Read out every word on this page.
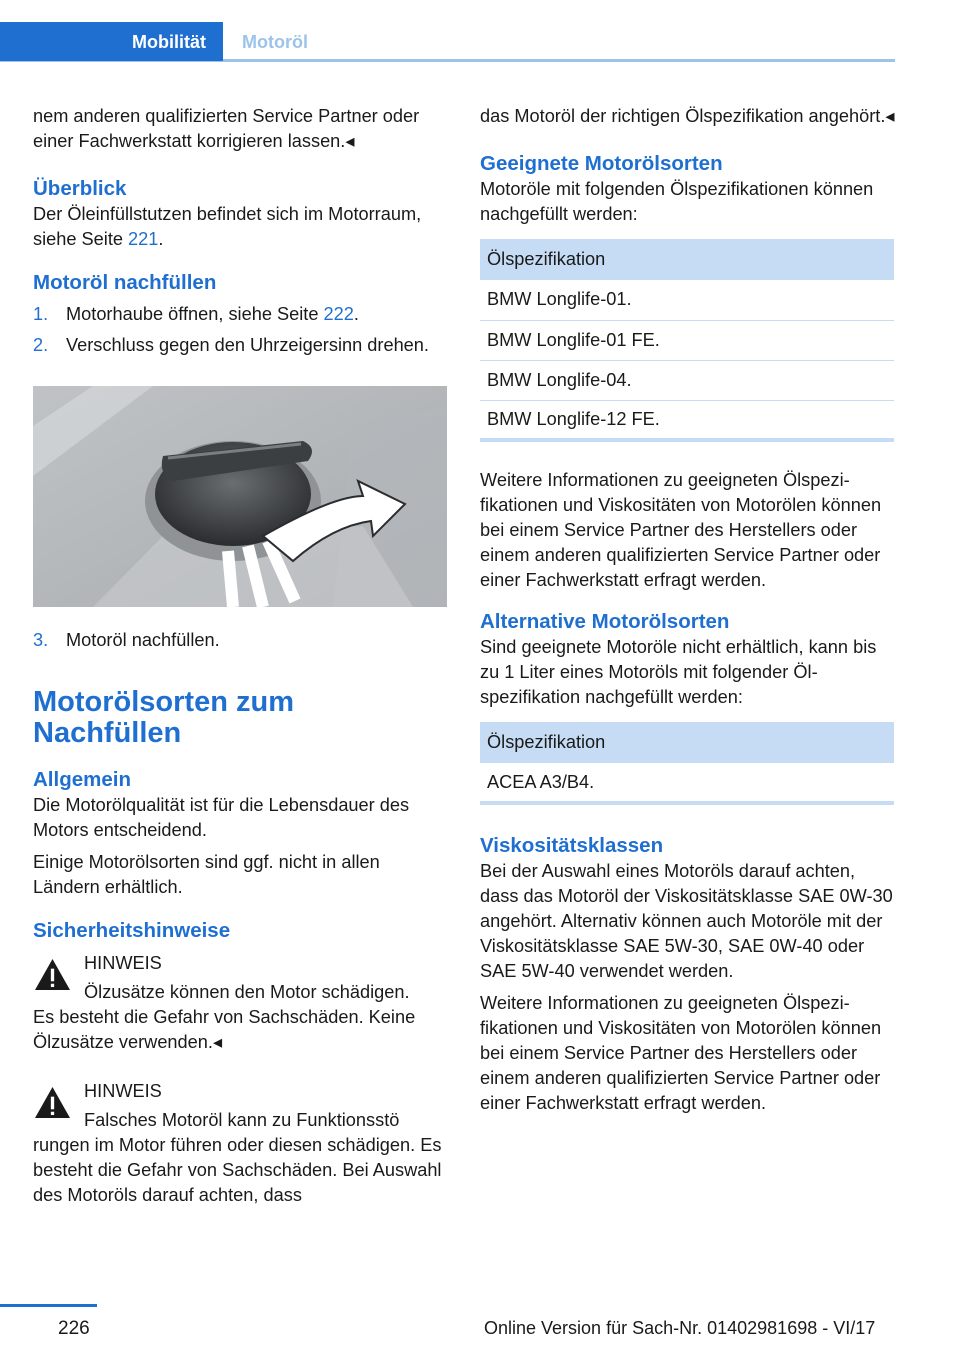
Mobilität	Motoröl

nem anderen qualifizierten Service Partner oder einer Fachwerkstatt korrigieren lassen.◂

Überblick

Der Öleinfüllstutzen befindet sich im Motorraum, siehe Seite 221.

Motoröl nachfüllen
1. Motorhaube öffnen, siehe Seite 222.
2. Verschluss gegen den Uhrzeigersinn drehen.
3. Motoröl nachfüllen.
Motorölsorten zum Nachfüllen
Allgemein

Die Motorölqualität ist für die Lebensdauer des Motors entscheidend.

Einige Motorölsorten sind ggf. nicht in allen Ländern erhältlich.

Sicherheitshinweise
HINWEIS
Ölzusätze können den Motor schädigen.
Es besteht die Gefahr von Sachschäden. Keine Ölzusätze verwenden.◂
HINWEIS
Falsches Motoröl kann zu Funktionsstö
rungen im Motor führen oder diesen schädigen. Es besteht die Gefahr von Sachschäden. Bei Auswahl des Motoröls darauf achten, dass

das Motoröl der richtigen Ölspezifikation angehört.◂

Geeignete Motorölsorten

Motoröle mit folgenden Ölspezifikationen können nachgefüllt werden:

Ölspezifikation
BMW Longlife-01.
BMW Longlife-01 FE.
BMW Longlife-04.
BMW Longlife-12 FE.

Weitere Informationen zu geeigneten Ölspezifikationen und Viskositäten von Motorölen können bei einem Service Partner des Herstellers oder einem anderen qualifizierten Service Partner oder einer Fachwerkstatt erfragt werden.

Alternative Motorölsorten

Sind geeignete Motoröle nicht erhältlich, kann bis zu 1 Liter eines Motoröls mit folgender Ölspezifikation nachgefüllt werden:

Ölspezifikation
ACEA A3/B4.
Viskositätsklassen

Bei der Auswahl eines Motoröls darauf achten, dass das Motoröl der Viskositätsklasse SAE 0W-30 angehört. Alternativ können auch Motoröle mit der Viskositätsklasse SAE 5W-30, SAE 0W-40 oder SAE 5W-40 verwendet werden.

Weitere Informationen zu geeigneten Ölspezifikationen und Viskositäten von Motorölen können bei einem Service Partner des Herstellers oder einem anderen qualifizierten Service Partner oder einer Fachwerkstatt erfragt werden.

226	Online Version für Sach-Nr. 01402981698 - VI/17
